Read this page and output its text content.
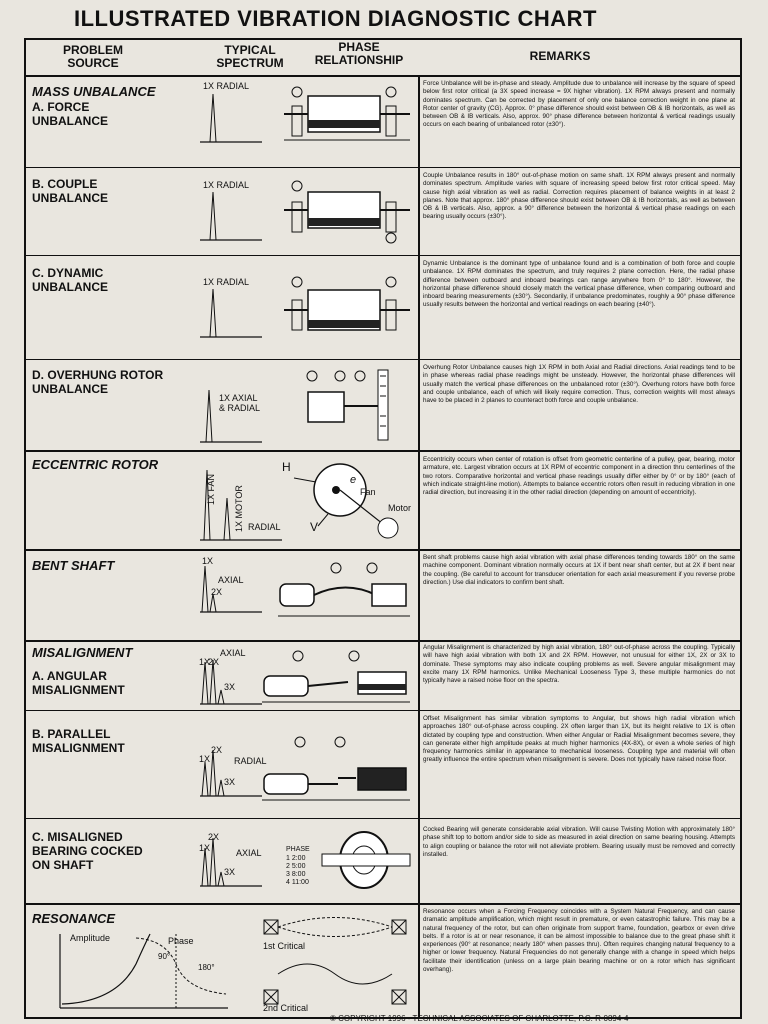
ILLUSTRATED VIBRATION DIAGNOSTIC CHART
PROBLEM SOURCE
TYPICAL SPECTRUM
PHASE RELATIONSHIP	REMARKS
MASS UNBALANCE
ECCENTRIC ROTOR
BENT SHAFT
MISALIGNMENT
RESONANCE
A. FORCE
UNBALANCE
B. COUPLE
UNBALANCE
C. DYNAMIC
UNBALANCE
D. OVERHUNG ROTOR
UNBALANCE
A. ANGULAR
MISALIGNMENT
B. PARALLEL
MISALIGNMENT
C. MISALIGNED
BEARING COCKED
ON SHAFT
1X RADIAL
1X RADIAL
1X RADIAL
1X AXIAL
& RADIAL
1X FAN 1X MOTOR RADIAL
1X
AXIAL
2X
1X
2X
AXIAL
3X
1X
2X
RADIAL
3X
1X
2X
AXIAL
3X
H
V
Fan
Motor
e
PHASE
1 2:00
2 5:00
3 8:00
4 11:00
Amplitude	Phase
90°
180°
1st Critical
2nd Critical
Force Unbalance will be in-phase and steady. Amplitude due to unbalance will increase by the square of speed below first rotor critical (a 3X speed increase = 9X higher vibration). 1X RPM always present and normally dominates spectrum. Can be corrected by placement of only one balance correction weight in one plane at Rotor center of gravity (CG). Approx. 0° phase difference should exist between OB & IB horizontals, as well as between OB & IB verticals. Also, approx. 90° phase difference between horizontal & vertical readings usually occurs on each bearing of unbalanced rotor (±30°).
Couple Unbalance results in 180° out-of-phase motion on same shaft. 1X RPM always present and normally dominates spectrum. Amplitude varies with square of increasing speed below first rotor critical speed. May cause high axial vibration as well as radial. Correction requires placement of balance weights in at least 2 planes. Note that approx. 180° phase difference should exist between OB & IB horizontals, as well as between OB & IB verticals. Also, approx. a 90° difference between the horizontal & vertical phase readings on each bearing usually occurs (±30°).
Dynamic Unbalance is the dominant type of unbalance found and is a combination of both force and couple unbalance. 1X RPM dominates the spectrum, and truly requires 2 plane correction. Here, the radial phase difference between outboard and inboard bearings can range anywhere from 0° to 180°. However, the horizontal phase difference should closely match the vertical phase difference, when comparing outboard and inboard bearing measurements (±30°). Secondarily, if unbalance predominates, roughly a 90° phase difference usually results between the horizontal and vertical readings on each bearing (±40°).
Overhung Rotor Unbalance causes high 1X RPM in both Axial and Radial directions. Axial readings tend to be in phase whereas radial phase readings might be unsteady. However, the horizontal phase differences will usually match the vertical phase differences on the unbalanced rotor (±30°). Overhung rotors have both force and couple unbalance, each of which will likely require correction. Thus, correction weights will most always have to be placed in 2 planes to counteract both force and couple unbalance.
Eccentricity occurs when center of rotation is offset from geometric centerline of a pulley, gear, bearing, motor armature, etc. Largest vibration occurs at 1X RPM of eccentric component in a direction thru centerlines of the two rotors. Comparative horizontal and vertical phase readings usually differ either by 0° or by 180° (each of which indicate straight-line motion). Attempts to balance eccentric rotors often result in reducing vibration in one radial direction, but increasing it in the other radial direction (depending on amount of eccentricity).
Bent shaft problems cause high axial vibration with axial phase differences tending towards 180° on the same machine component. Dominant vibration normally occurs at 1X if bent near shaft center, but at 2X if bent near the coupling. (Be careful to account for transducer orientation for each axial measurement if you reverse probe direction.) Use dial indicators to confirm bent shaft.
Angular Misalignment is characterized by high axial vibration, 180° out-of-phase across the coupling. Typically will have high axial vibration with both 1X and 2X RPM. However, not unusual for either 1X, 2X or 3X to dominate. These symptoms may also indicate coupling problems as well. Severe angular misalignment may excite many 1X RPM harmonics. Unlike Mechanical Looseness Type 3, these multiple harmonics do not typically have a raised noise floor on the spectra.
Offset Misalignment has similar vibration symptoms to Angular, but shows high radial vibration which approaches 180° out-of-phase across coupling. 2X often larger than 1X, but its height relative to 1X is often dictated by coupling type and construction. When either Angular or Radial Misalignment becomes severe, they can generate either high amplitude peaks at much higher harmonics (4X-8X), or even a whole series of high frequency harmonics similar in appearance to mechanical looseness. Coupling type and material will often greatly influence the entire spectrum when misalignment is severe. Does not typically have raised noise floor.
Cocked Bearing will generate considerable axial vibration. Will cause Twisting Motion with approximately 180° phase shift top to bottom and/or side to side as measured in axial direction on same bearing housing. Attempts to align coupling or balance the rotor will not alleviate problem. Bearing usually must be removed and correctly installed.
Resonance occurs when a Forcing Frequency coincides with a System Natural Frequency, and can cause dramatic amplitude amplification, which might result in premature, or even catastrophic failure. This may be a natural frequency of the rotor, but can often originate from support frame, foundation, gearbox or even drive belts. If a rotor is at or near resonance, it can be almost impossible to balance due to the great phase shift it experiences (90° at resonance; nearly 180° when passes thru). Often requires changing natural frequency to a higher or lower frequency. Natural Frequencies do not generally change with a change in speed which helps facilitate their identification (unless on a large plain bearing machine or on a rotor which has significant overhang).
© COPYRIGHT 1996 - TECHNICAL ASSOCIATES OF CHARLOTTE, P.C. R-0894-4
